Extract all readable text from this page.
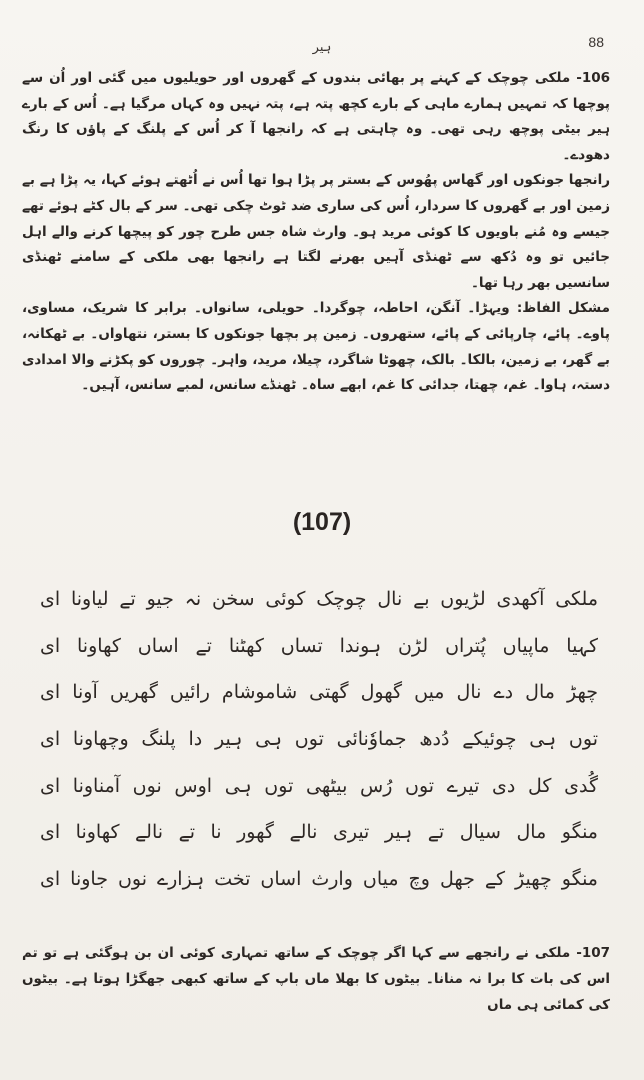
ہیر	88

106- ملکی چوچک کے کہنے پر بھائی بندوں کے گھروں اور حویلیوں میں گئی اور اُن سے پوچھا کہ تمہیں ہمارے ماہی کے بارے کچھ پتہ ہے، پتہ نہیں وہ کہاں مرگیا ہے۔ اُس کے بارے ہیر بیٹی پوچھ رہی تھی۔ وہ چاہتی ہے کہ رانجھا آ کر اُس کے پلنگ کے پاؤں کا رنگ دھودے۔

رانجھا جونکوں اور گھاس پھُوس کے بستر پر پڑا ہوا تھا اُس نے اُٹھتے ہوئے کہا، یہ پڑا ہے بے زمین اور بے گھروں کا سردار، اُس کی ساری ضد ٹوٹ چکی تھی۔ سر کے بال کٹے ہوئے تھے جیسے وہ مُنے باویوں کا کوئی مرید ہو۔ وارث شاہ جس طرح چور کو پیچھا کرنے والے اہل جائیں تو وہ دُکھ سے ٹھنڈی آہیں بھرنے لگتا ہے رانجھا بھی ملکی کے سامنے ٹھنڈی سانسیں بھر رہا تھا۔

مشکل الفاظ: ویہڑا۔ آنگن، احاطہ، چوگردا۔ حویلی، سانواں۔ برابر کا شریک، مساوی، پاوے۔ پائے، چارپائی کے پائے، ستھروں۔ زمین پر بچھا جونکوں کا بستر، نتھاواں۔ بے ٹھکانہ، بے گھر، بے زمین، بالکا۔ بالک، چھوٹا شاگرد، چیلا، مرید، واہر۔ چوروں کو پکڑنے والا امدادی دستہ، ہاوا۔ غم، چھتا، جدائی کا غم، ابھے ساہ۔ ٹھنڈے سانس، لمبے سانس، آہیں۔

(107)
ملکی آکھدی لڑیوں بے نال چوچک کوئی سخن نہ جیو تے لیاونا ای
کہیا ماپیاں پُتراں لڑن ہوندا تساں کھٹنا تے اساں کھاونا ای
چھڑ مال دے نال میں گھول گھتی شاموشام رائیں گھریں آونا ای
توں ہی چوئیکے دُدھ جماوٗنائی توں ہی ہیر دا پلنگ وچھاونا ای
گُدی کل دی تیرے توں رُس بیٹھی توں ہی اوس نوں آمناونا ای
منگو مال سیال تے ہیر تیری نالے گھور نا تے نالے کھاونا ای
منگو چھیڑ کے جھل وچ میاں وارث اساں تخت ہزارے نوں جاونا ای

107- ملکی نے رانجھے سے کہا اگر چوچک کے ساتھ تمہاری کوئی ان بن ہوگئی ہے تو تم اس کی بات کا برا نہ منانا۔ بیٹوں کا بھلا ماں باپ کے ساتھ کبھی جھگڑا ہوتا ہے۔ بیٹوں کی کمائی ہی ماں
